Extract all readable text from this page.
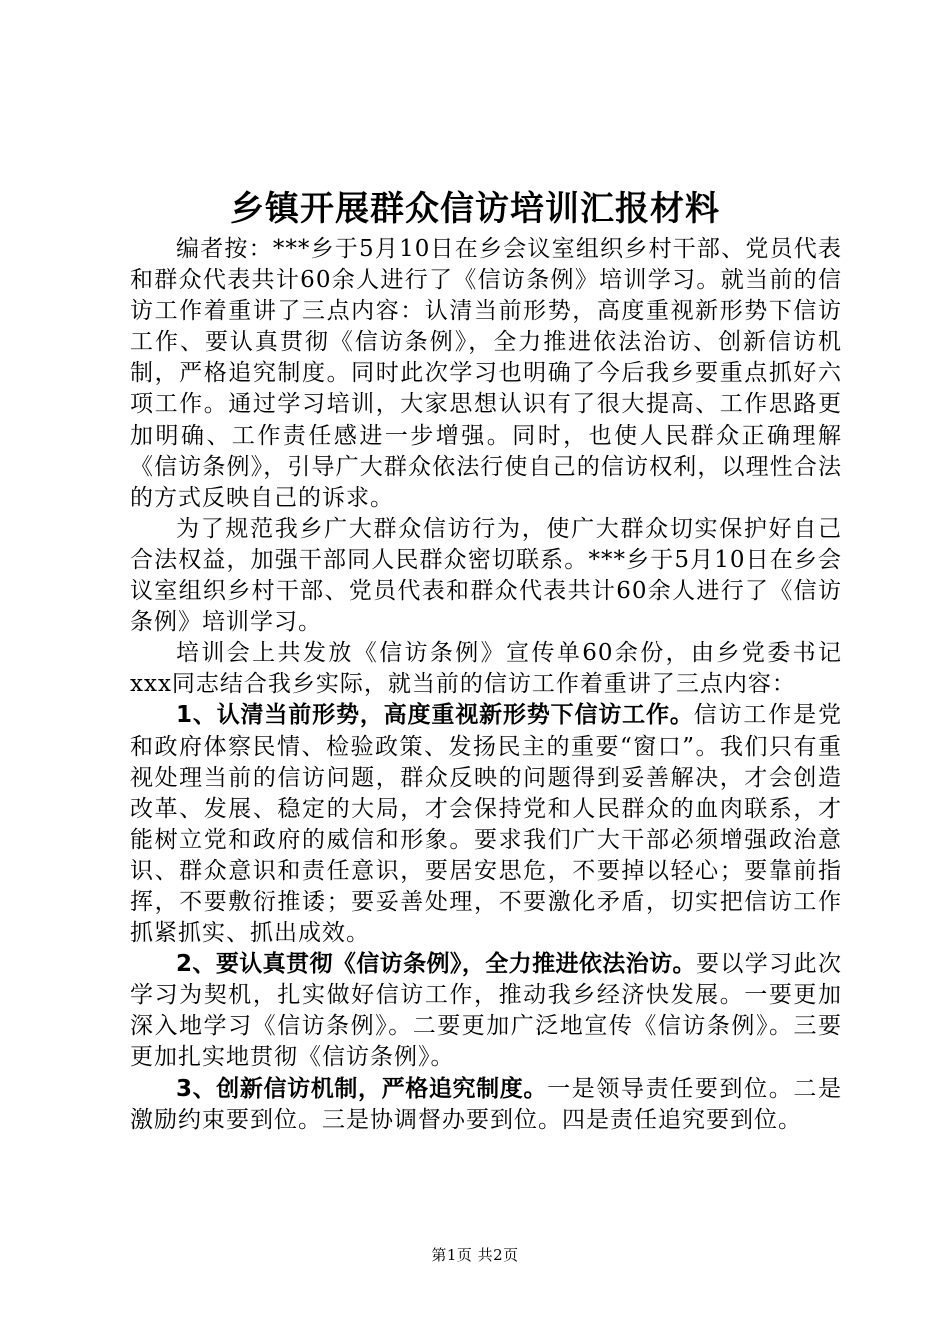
乡镇开展群众信访培训汇报材料

编者按：***乡于5月10日在乡会议室组织乡村干部、党员代表和群众代表共计60余人进行了《信访条例》培训学习。就当前的信访工作着重讲了三点内容：认清当前形势，高度重视新形势下信访工作、要认真贯彻《信访条例》，全力推进依法治访、创新信访机制，严格追究制度。同时此次学习也明确了今后我乡要重点抓好六项工作。通过学习培训，大家思想认识有了很大提高、工作思路更加明确、工作责任感进一步增强。同时，也使人民群众正确理解《信访条例》，引导广大群众依法行使自己的信访权利，以理性合法的方式反映自己的诉求。

为了规范我乡广大群众信访行为，使广大群众切实保护好自己合法权益，加强干部同人民群众密切联系。***乡于5月10日在乡会议室组织乡村干部、党员代表和群众代表共计60余人进行了《信访条例》培训学习。

培训会上共发放《信访条例》宣传单60余份，由乡党委书记xxx同志结合我乡实际，就当前的信访工作着重讲了三点内容：

1、认清当前形势，高度重视新形势下信访工作。信访工作是党和政府体察民情、检验政策、发扬民主的重要“窗口”。我们只有重视处理当前的信访问题，群众反映的问题得到妥善解决，才会创造改革、发展、稳定的大局，才会保持党和人民群众的血肉联系，才能树立党和政府的威信和形象。要求我们广大干部必须增强政治意识、群众意识和责任意识，要居安思危，不要掉以轻心；要靠前指挥，不要敷衍推诿；要妥善处理，不要激化矛盾，切实把信访工作抓紧抓实、抓出成效。

2、要认真贯彻《信访条例》，全力推进依法治访。要以学习此次学习为契机，扎实做好信访工作，推动我乡经济快发展。一要更加深入地学习《信访条例》。二要更加广泛地宣传《信访条例》。三要更加扎实地贯彻《信访条例》。

3、创新信访机制，严格追究制度。一是领导责任要到位。二是激励约束要到位。三是协调督办要到位。四是责任追究要到位。

第1页 共2页
